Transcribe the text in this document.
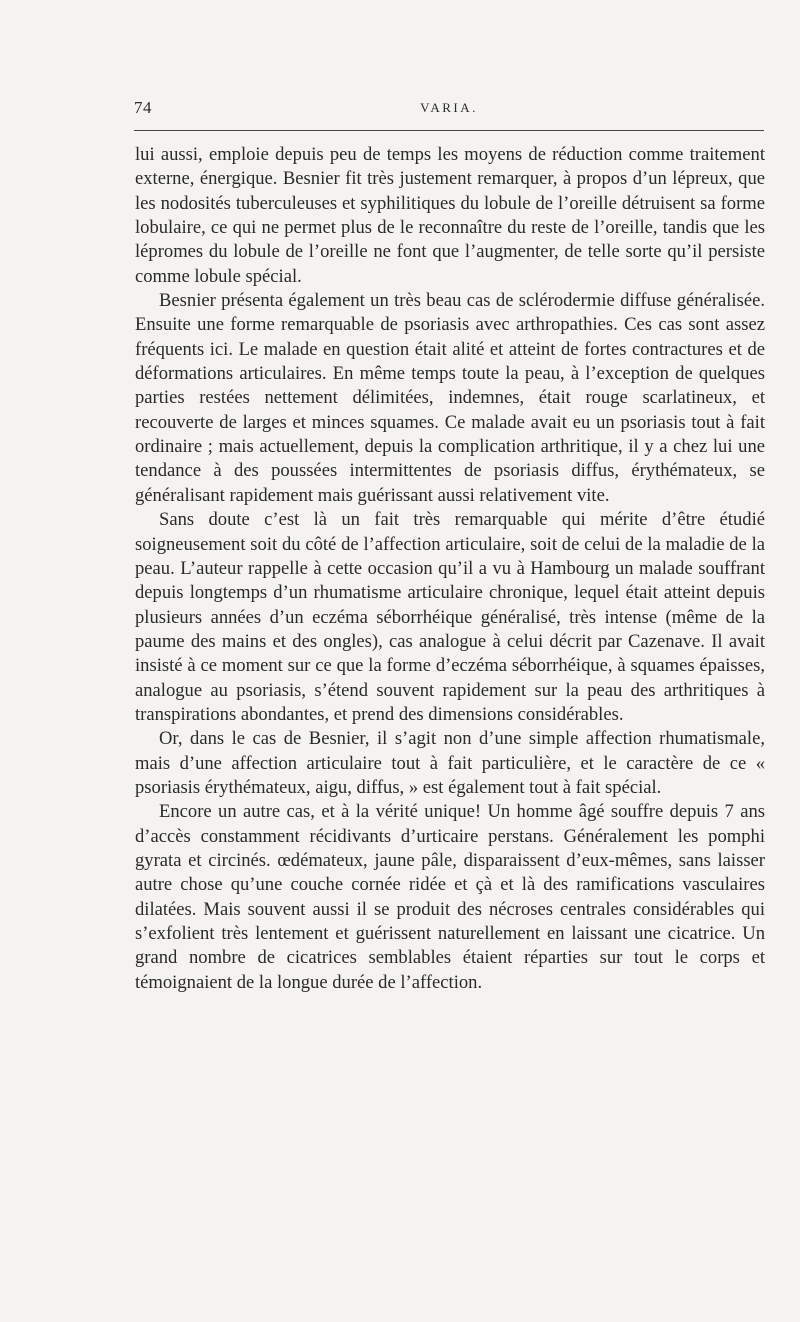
74	VARIA.

lui aussi, emploie depuis peu de temps les moyens de réduction comme traitement externe, énergique. Besnier fit très justement remarquer, à propos d’un lépreux, que les nodosités tuberculeuses et syphilitiques du lobule de l’oreille détruisent sa forme lobulaire, ce qui ne permet plus de le reconnaître du reste de l’oreille, tandis que les lépromes du lobule de l’oreille ne font que l’augmenter, de telle sorte qu’il persiste comme lobule spécial.

Besnier présenta également un très beau cas de sclérodermie diffuse généralisée. Ensuite une forme remarquable de psoriasis avec arthropathies. Ces cas sont assez fréquents ici. Le malade en question était alité et atteint de fortes contractures et de déformations articulaires. En même temps toute la peau, à l’exception de quelques parties restées nettement délimitées, indemnes, était rouge scarlatineux, et recouverte de larges et minces squames. Ce malade avait eu un psoriasis tout à fait ordinaire ; mais actuellement, depuis la complication arthritique, il y a chez lui une tendance à des poussées intermittentes de psoriasis diffus, érythémateux, se généralisant rapidement mais guérissant aussi relativement vite.

Sans doute c’est là un fait très remarquable qui mérite d’être étudié soigneusement soit du côté de l’affection articulaire, soit de celui de la maladie de la peau. L’auteur rappelle à cette occasion qu’il a vu à Hambourg un malade souffrant depuis longtemps d’un rhumatisme articulaire chronique, lequel était atteint depuis plusieurs années d’un eczéma séborrhéique généralisé, très intense (même de la paume des mains et des ongles), cas analogue à celui décrit par Cazenave. Il avait insisté à ce moment sur ce que la forme d’eczéma séborrhéique, à squames épaisses, analogue au psoriasis, s’étend souvent rapidement sur la peau des arthritiques à transpirations abondantes, et prend des dimensions considérables.

Or, dans le cas de Besnier, il s’agit non d’une simple affection rhumatismale, mais d’une affection articulaire tout à fait particulière, et le caractère de ce « psoriasis érythémateux, aigu, diffus, » est également tout à fait spécial.

Encore un autre cas, et à la vérité unique! Un homme âgé souffre depuis 7 ans d’accès constamment récidivants d’urticaire perstans. Généralement les pomphi gyrata et circinés. œdémateux, jaune pâle, disparaissent d’eux-mêmes, sans laisser autre chose qu’une couche cornée ridée et çà et là des ramifications vasculaires dilatées. Mais souvent aussi il se produit des nécroses centrales considérables qui s’exfolient très lentement et guérissent naturellement en laissant une cicatrice. Un grand nombre de cicatrices semblables étaient réparties sur tout le corps et témoignaient de la longue durée de l’affection.
